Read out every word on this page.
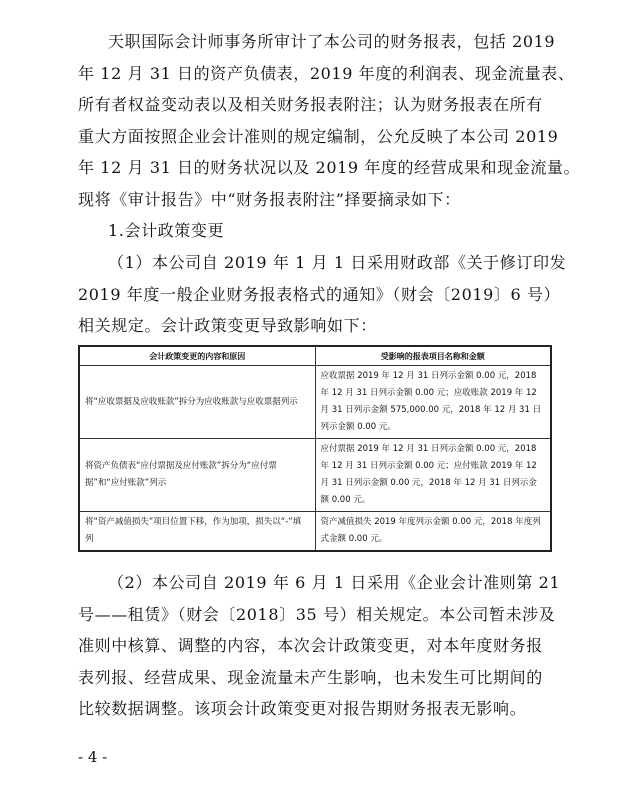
天职国际会计师事务所审计了本公司的财务报表，包括 2019
年 12 月 31 日的资产负债表，2019 年度的利润表、现金流量表、
所有者权益变动表以及相关财务报表附注；认为财务报表在所有
重大方面按照企业会计准则的规定编制，公允反映了本公司 2019
年 12 月 31 日的财务状况以及 2019 年度的经营成果和现金流量。
现将《审计报告》中“财务报表附注”择要摘录如下：

1.会计政策变更

（1）本公司自 2019 年 1 月 1 日采用财政部《关于修订印发
2019 年度一般企业财务报表格式的通知》（财会〔2019〕6 号）
相关规定。会计政策变更导致影响如下：

会计政策变更的内容和原因	受影响的报表项目名称和金额
将“应收票据及应收账款”拆分为应收账款与应收票据列示	应收票据 2019 年 12 月 31 日列示金额 0.00 元，2018 年 12 月 31 日列示金额 0.00 元；应收账款 2019 年 12 月 31 日列示金额 575,000.00 元，2018 年 12 月 31 日列示金额 0.00 元。
将资产负债表“应付票据及应付账款”拆分为“应付票据”和“应付账款”列示	应付票据 2019 年 12 月 31 日列示金额 0.00 元，2018 年 12 月 31 日列示金额 0.00 元；应付账款 2019 年 12 月 31 日列示金额 0.00 元，2018 年 12 月 31 日列示金额 0.00 元。
将“资产减值损失”项目位置下移，作为加项，损失以“-”填列	资产减值损失 2019 年度列示金额 0.00 元，2018 年度列式金额 0.00 元。

（2）本公司自 2019 年 6 月 1 日采用《企业会计准则第 21
号——租赁》（财会〔2018〕35 号）相关规定。本公司暂未涉及
准则中核算、调整的内容，本次会计政策变更，对本年度财务报
表列报、经营成果、现金流量未产生影响，也未发生可比期间的
比较数据调整。该项会计政策变更对报告期财务报表无影响。

- 4 -
